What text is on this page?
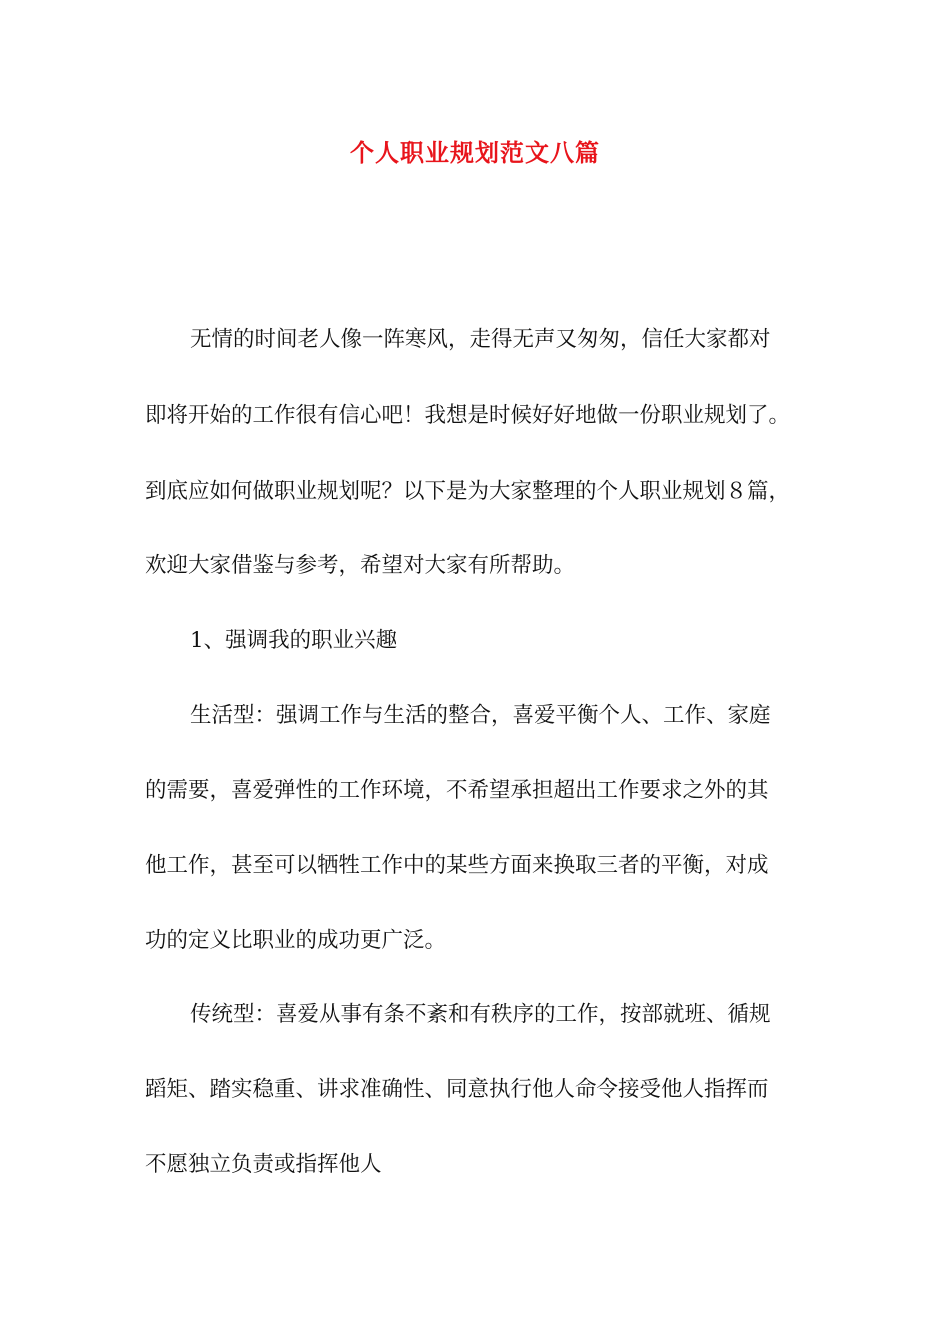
个人职业规划范文八篇
无情的时间老人像一阵寒风，走得无声又匆匆，信任大家都对
即将开始的工作很有信心吧！我想是时候好好地做一份职业规划了。
到底应如何做职业规划呢？以下是为大家整理的个人职业规划８篇，
欢迎大家借鉴与参考，希望对大家有所帮助。
1、强调我的职业兴趣
生活型：强调工作与生活的整合，喜爱平衡个人、工作、家庭
的需要，喜爱弹性的工作环境，不希望承担超出工作要求之外的其
他工作，甚至可以牺牲工作中的某些方面来换取三者的平衡，对成
功的定义比职业的成功更广泛。
传统型：喜爱从事有条不紊和有秩序的工作，按部就班、循规
蹈矩、踏实稳重、讲求准确性、同意执行他人命令接受他人指挥而
不愿独立负责或指挥他人
